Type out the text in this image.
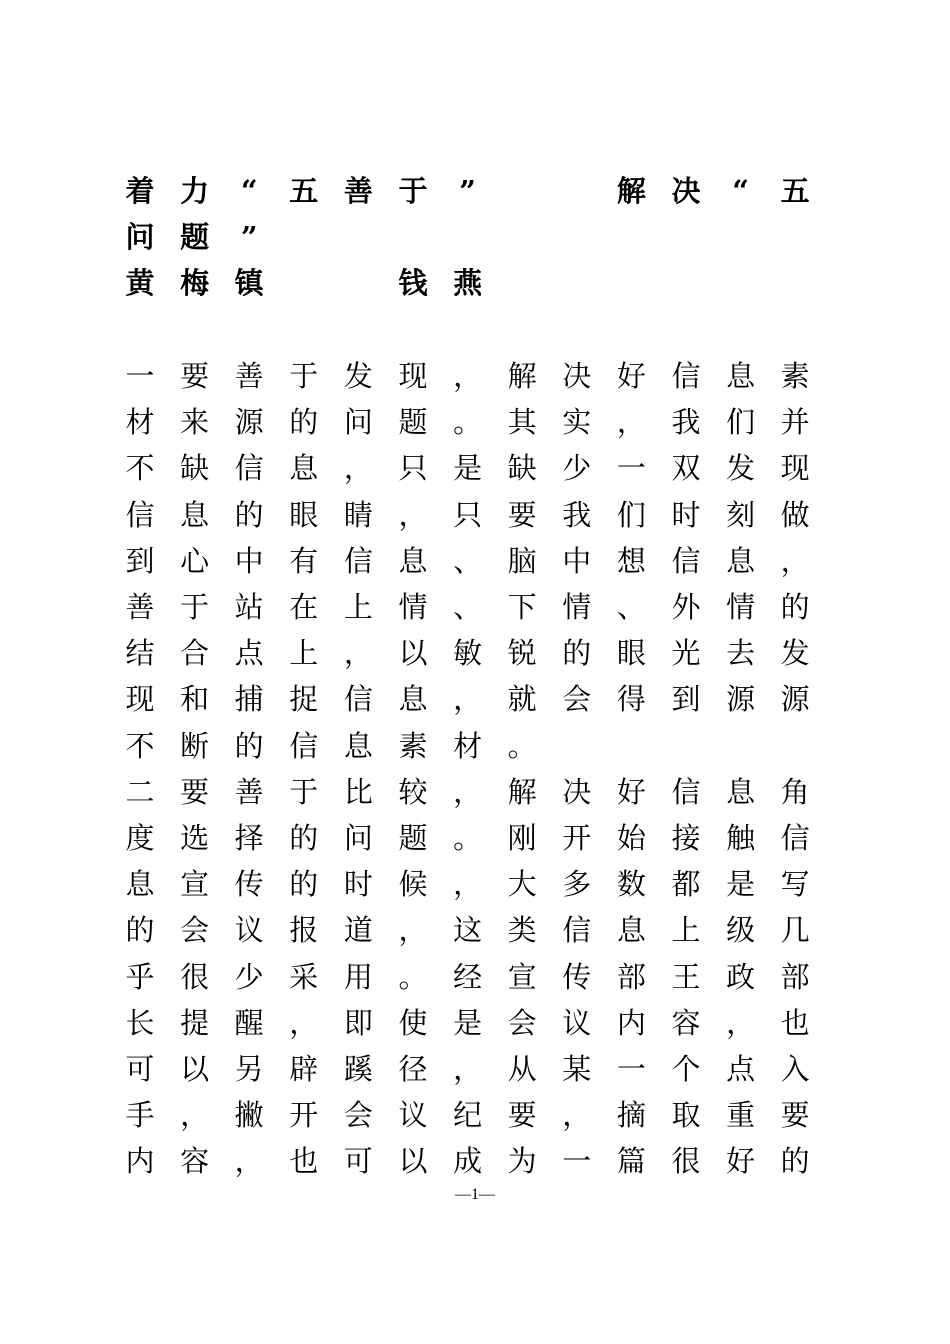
着 力 “ 五 善 于 ”	解 决 “ 五
问 题 ”
黄 梅 镇	钱 燕
一 要 善 于 发 现 ， 解 决 好 信 息 素
材 来 源 的 问 题 。 其 实 ， 我 们 并
不 缺 信 息 ， 只 是 缺 少 一 双 发 现
信 息 的 眼 睛 ， 只 要 我 们 时 刻 做
到 心 中 有 信 息 、 脑 中 想 信 息 ，
善 于 站 在 上 情 、 下 情 、 外 情 的
结 合 点 上 ， 以 敏 锐 的 眼 光 去 发
现 和 捕 捉 信 息 ， 就 会 得 到 源 源
不 断 的 信 息 素 材 。
二 要 善 于 比 较 ， 解 决 好 信 息 角
度 选 择 的 问 题 。 刚 开 始 接 触 信
息 宣 传 的 时 候 ， 大 多 数 都 是 写
的 会 议 报 道 ， 这 类 信 息 上 级 几
乎 很 少 采 用 。 经 宣 传 部 王 政 部
长 提 醒 ， 即 使 是 会 议 内 容 ， 也
可 以 另 辟 蹊 径 ， 从 某 一 个 点 入
手 ， 撇 开 会 议 纪 要 ， 摘 取 重 要
内 容 ， 也 可 以 成 为 一 篇 很 好 的
—1—
